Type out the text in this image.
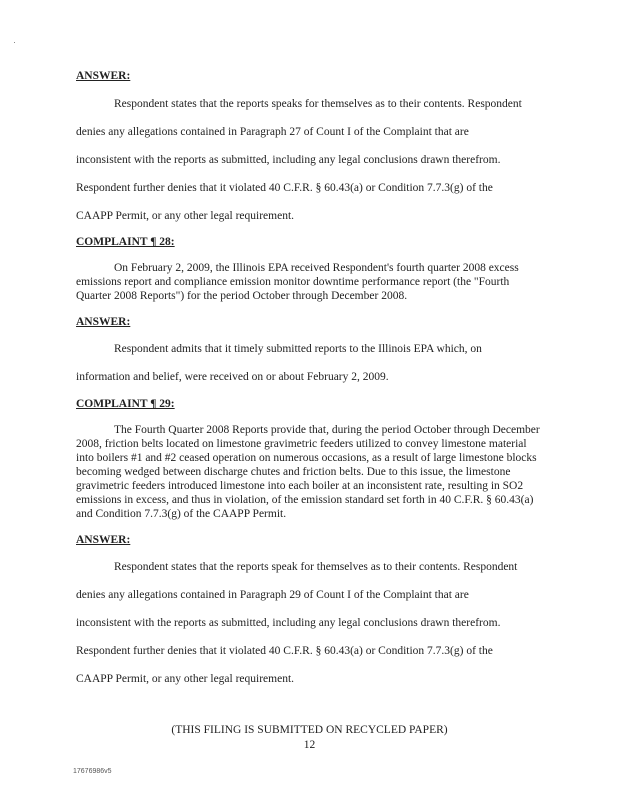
ANSWER:

Respondent states that the reports speaks for themselves as to their contents. Respondent

denies any allegations contained in Paragraph 27 of Count I of the Complaint that are

inconsistent with the reports as submitted, including any legal conclusions drawn therefrom.

Respondent further denies that it violated 40 C.F.R. § 60.43(a) or Condition 7.7.3(g) of the

CAAPP Permit, or any other legal requirement.

COMPLAINT ¶ 28:

On February 2, 2009, the Illinois EPA received Respondent's fourth quarter 2008 excess emissions report and compliance emission monitor downtime performance report (the "Fourth Quarter 2008 Reports") for the period October through December 2008.

ANSWER:

Respondent admits that it timely submitted reports to the Illinois EPA which, on

information and belief, were received on or about February 2, 2009.

COMPLAINT ¶ 29:

The Fourth Quarter 2008 Reports provide that, during the period October through December 2008, friction belts located on limestone gravimetric feeders utilized to convey limestone material into boilers #1 and #2 ceased operation on numerous occasions, as a result of large limestone blocks becoming wedged between discharge chutes and friction belts. Due to this issue, the limestone gravimetric feeders introduced limestone into each boiler at an inconsistent rate, resulting in SO2 emissions in excess, and thus in violation, of the emission standard set forth in 40 C.F.R. § 60.43(a) and Condition 7.7.3(g) of the CAAPP Permit.

ANSWER:

Respondent states that the reports speak for themselves as to their contents. Respondent

denies any allegations contained in Paragraph 29 of Count I of the Complaint that are

inconsistent with the reports as submitted, including any legal conclusions drawn therefrom.

Respondent further denies that it violated 40 C.F.R. § 60.43(a) or Condition 7.7.3(g) of the

CAAPP Permit, or any other legal requirement.

(THIS FILING IS SUBMITTED ON RECYCLED PAPER)

12

17676986v5
